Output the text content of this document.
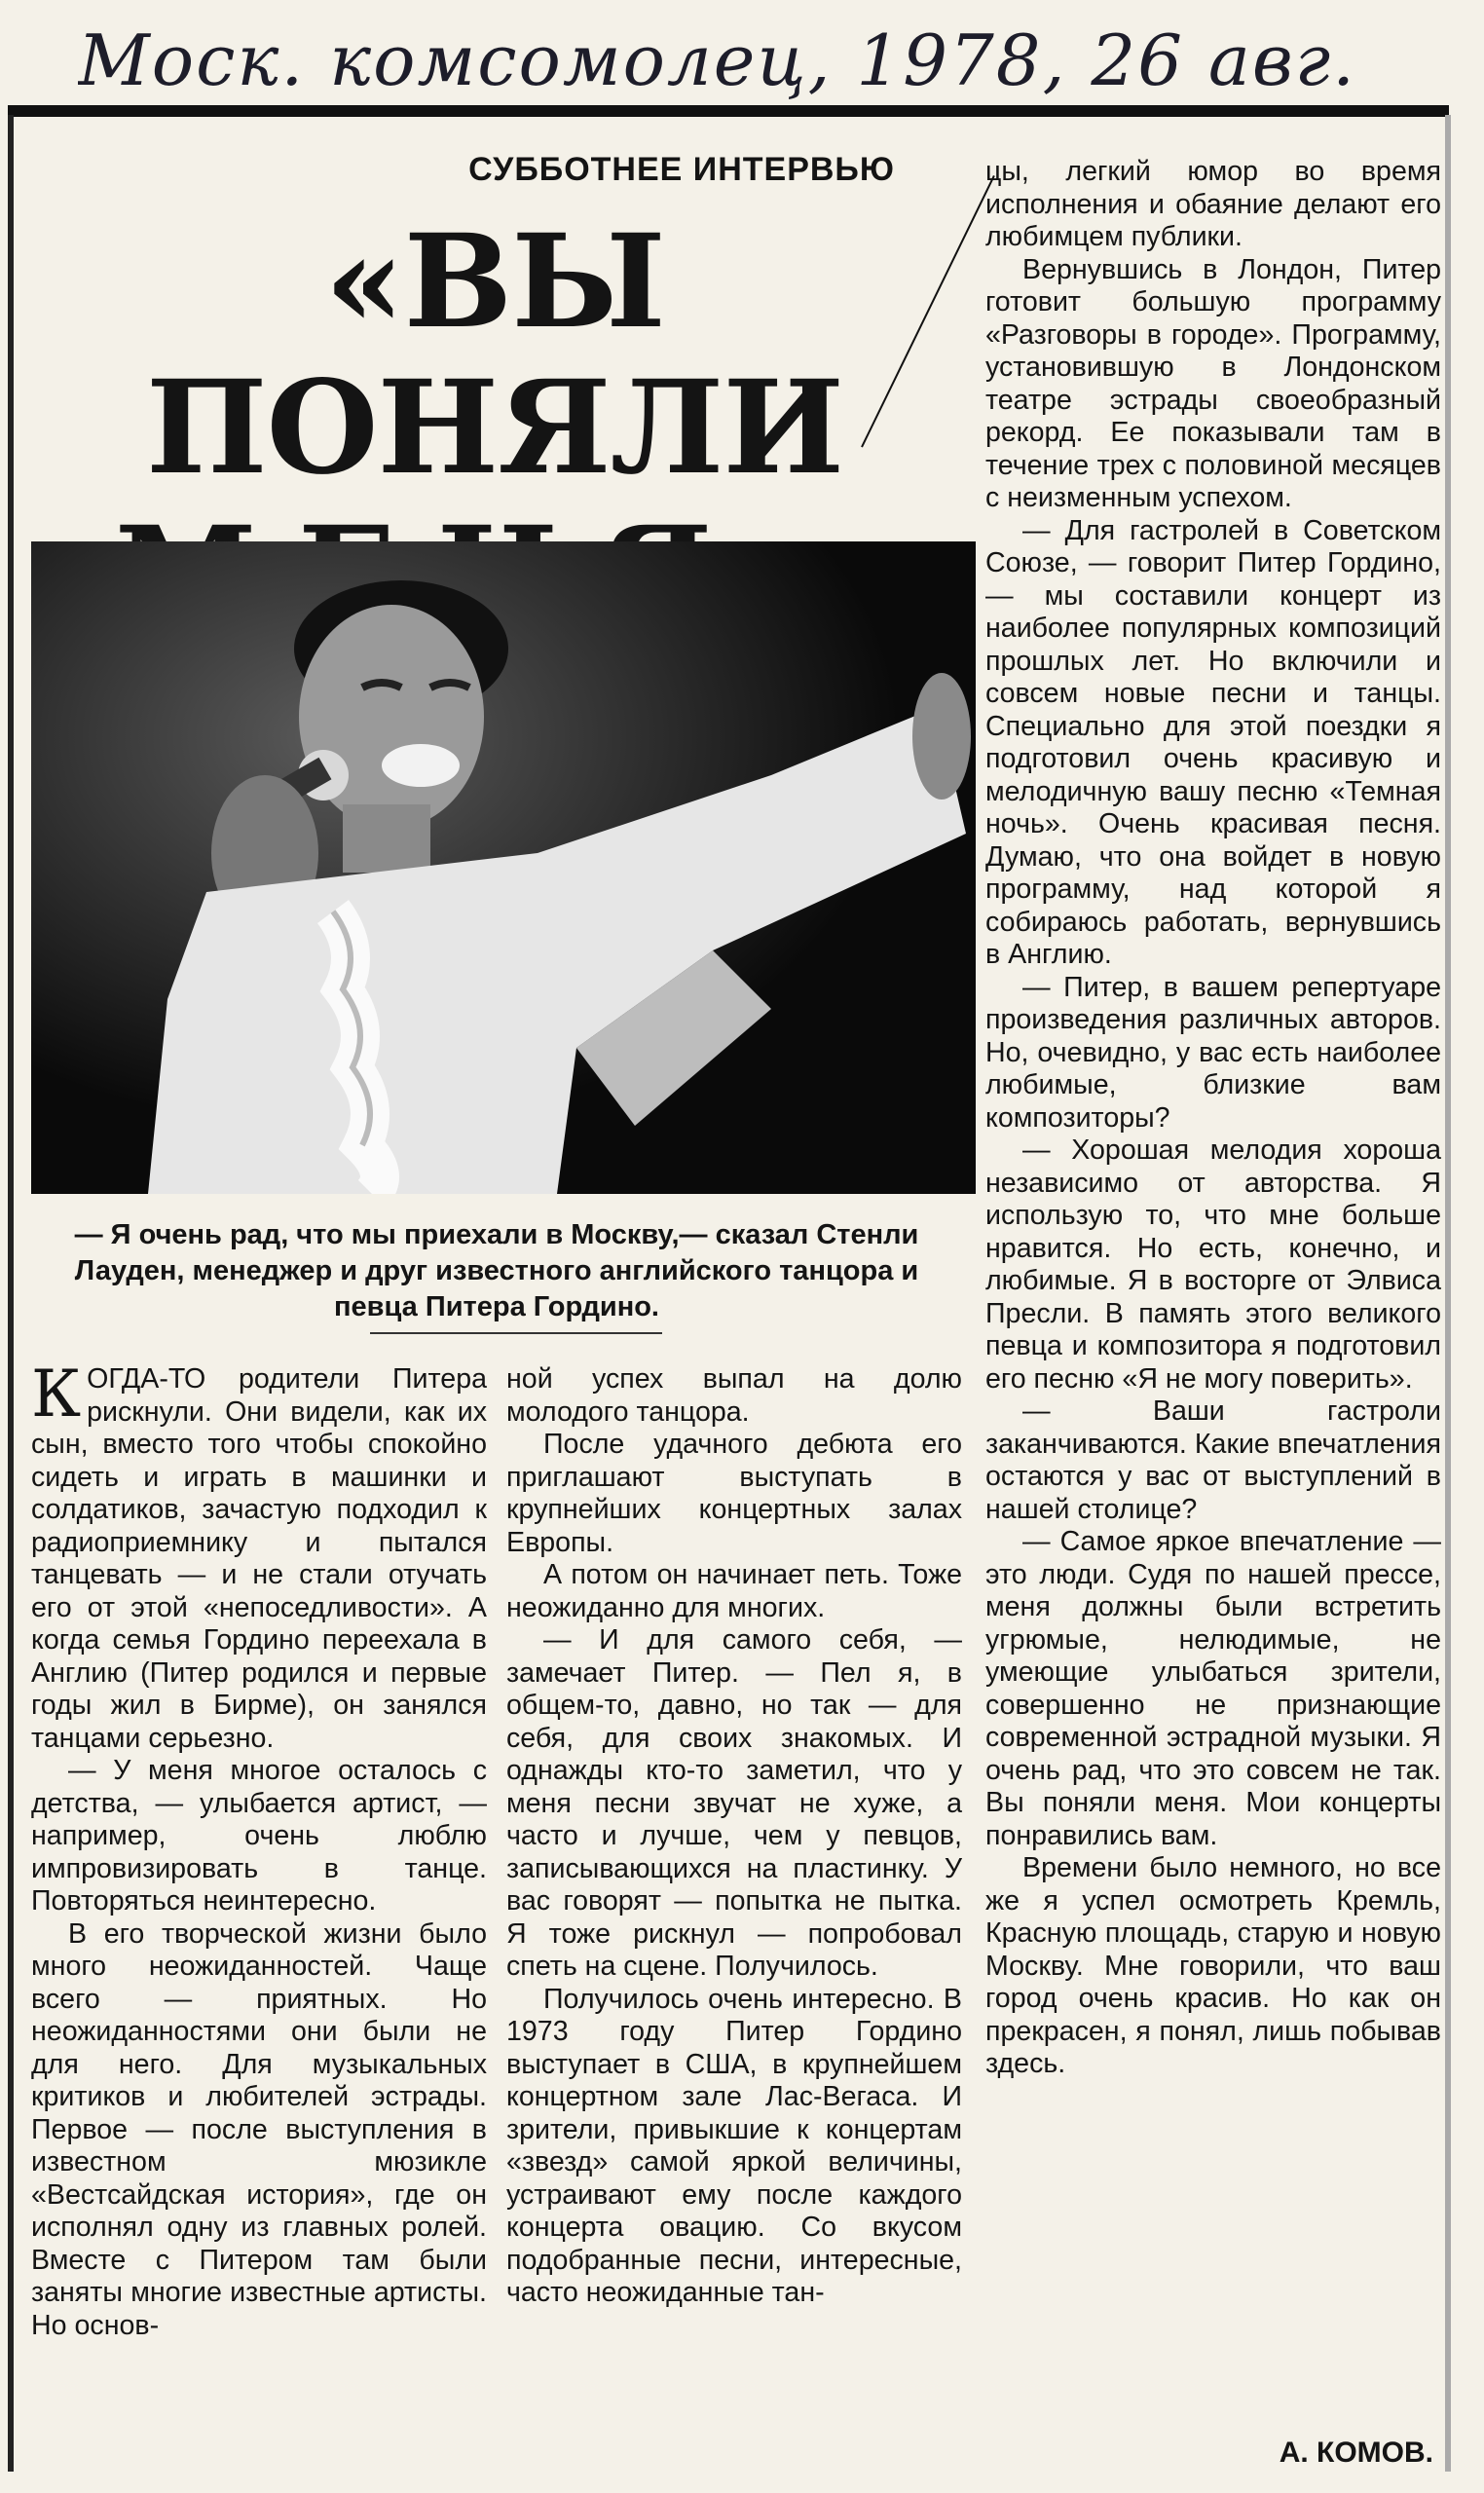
Моск. комсомолец, 1978, 26 авг.
СУББОТНЕЕ ИНТЕРВЬЮ
«ВЫ ПОНЯЛИ
— Я очень рад, что мы приехали в Москву,— сказал Стенли Лауден, менеджер и друг известного английского танцора и певца Питера Гордино.

КОГДА-ТО родители Питера рискнули. Они видели, как их сын, вместо того чтобы спокойно сидеть и играть в машинки и солдатиков, зачастую подходил к радиоприемнику и пытался танцевать — и не стали отучать его от этой «непоседливости». А когда семья Гордино переехала в Англию (Питер родился и первые годы жил в Бирме), он занялся танцами серьезно.

— У меня многое осталось с детства, — улыбается артист, — например, очень люблю импровизировать в танце. Повторяться неинтересно.

В его творческой жизни было много неожиданностей. Чаще всего — приятных. Но неожиданностями они были не для него. Для музыкальных критиков и любителей эстрады. Первое — после выступления в известном мюзикле «Вестсайдская история», где он исполнял одну из главных ролей. Вместе с Питером там были заняты многие известные артисты. Но основ-

ной успех выпал на долю молодого танцора.

После удачного дебюта его приглашают выступать в крупнейших концертных залах Европы.

А потом он начинает петь. Тоже неожиданно для многих.

— И для самого себя, — замечает Питер. — Пел я, в общем-то, давно, но так — для себя, для своих знакомых. И однажды кто-то заметил, что у меня песни звучат не хуже, а часто и лучше, чем у певцов, записывающихся на пластинку. У вас говорят — попытка не пытка. Я тоже рискнул — попробовал спеть на сцене. Получилось.

Получилось очень интересно. В 1973 году Питер Гордино выступает в США, в крупнейшем концертном зале Лас-Вегаса. И зрители, привыкшие к концертам «звезд» самой яркой величины, устраивают ему после каждого концерта овацию. Со вкусом подобранные песни, интересные, часто неожиданные тан-

цы, легкий юмор во время исполнения и обаяние делают его любимцем публики.

Вернувшись в Лондон, Питер готовит большую программу «Разговоры в городе». Программу, установившую в Лондонском театре эстрады своеобразный рекорд. Ее показывали там в течение трех с половиной месяцев с неизменным успехом.

— Для гастролей в Советском Союзе, — говорит Питер Гордино, — мы составили концерт из наиболее популярных композиций прошлых лет. Но включили и совсем новые песни и танцы. Специально для этой поездки я подготовил очень красивую и мелодичную вашу песню «Темная ночь». Очень красивая песня. Думаю, что она войдет в новую программу, над которой я собираюсь работать, вернувшись в Англию.

— Питер, в вашем репертуаре произведения различных авторов. Но, очевидно, у вас есть наиболее любимые, близкие вам композиторы?

— Хорошая мелодия хороша независимо от авторства. Я использую то, что мне больше нравится. Но есть, конечно, и любимые. Я в восторге от Элвиса Пресли. В память этого великого певца и композитора я подготовил его песню «Я не могу поверить».

— Ваши гастроли заканчиваются. Какие впечатления остаются у вас от выступлений в нашей столице?

— Самое яркое впечатление — это люди. Судя по нашей прессе, меня должны были встретить угрюмые, нелюдимые, не умеющие улыбаться зрители, совершенно не признающие современной эстрадной музыки. Я очень рад, что это совсем не так. Вы поняли меня. Мои концерты понравились вам.

Времени было немного, но все же я успел осмотреть Кремль, Красную площадь, старую и новую Москву. Мне говорили, что ваш город очень красив. Но как он прекрасен, я понял, лишь побывав здесь.

А. КОМОВ.
